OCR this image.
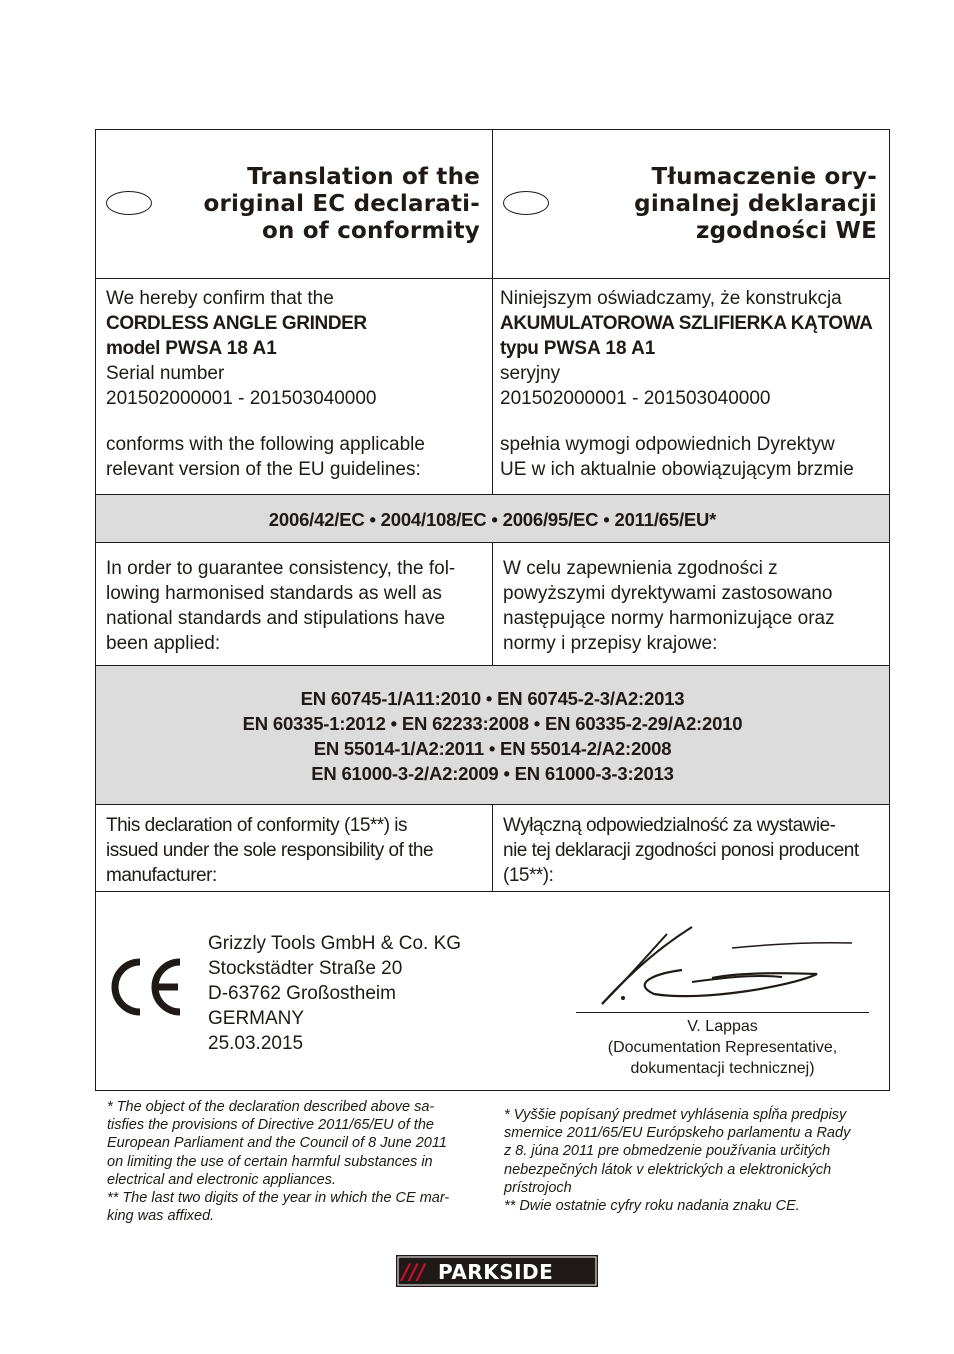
Translation of the
original EC declarati-
on of conformity
Tłumaczenie ory-
ginalnej deklaracji
zgodności WE
We hereby confirm that the
CORDLESS ANGLE GRINDER
model PWSA 18 A1
Serial number
201502000001 - 201503040000
conforms with the following applicable
relevant version of the EU guidelines:
Niniejszym oświadczamy, że konstrukcja
AKUMULATOROWA SZLIFIERKA KĄTOWA
typu PWSA 18 A1
seryjny
201502000001 - 201503040000
spełnia wymogi odpowiednich Dyrektyw
UE w ich aktualnie obowiązującym brzmie
2006/42/EC • 2004/108/EC • 2006/95/EC • 2011/65/EU*
In order to guarantee consistency, the fol-
lowing harmonised standards as well as
national standards and stipulations have
been applied:
W celu zapewnienia zgodności z
powyższymi dyrektywami zastosowano
następujące normy harmonizujące oraz
normy i przepisy krajowe:
EN 60745-1/A11:2010 • EN 60745-2-3/A2:2013
EN 60335-1:2012 • EN 62233:2008 • EN 60335-2-29/A2:2010
EN 55014-1/A2:2011 • EN 55014-2/A2:2008
EN 61000-3-2/A2:2009 • EN 61000-3-3:2013
This declaration of conformity (15**) is
issued under the sole responsibility of the
manufacturer:
Wyłączną odpowiedzialność za wystawie-
nie tej deklaracji zgodności ponosi producent
(15**):
Grizzly Tools GmbH & Co. KG
Stockstädter Straße 20
D-63762 Großostheim
GERMANY
25.03.2015
V. Lappas
(Documentation Representative,
dokumentacji technicznej)
* The object of the declaration described above sa-
tisfies the provisions of Directive 2011/65/EU of the
European Parliament and the Council of 8 June 2011
on limiting the use of certain harmful substances in
electrical and electronic appliances.
** The last two digits of the year in which the CE mar-
king was affixed.
* Vyššie popísaný predmet vyhlásenia spĺňa predpisy
smernice 2011/65/EU Európskeho parlamentu a Rady
z 8. júna 2011 pre obmedzenie používania určitých
nebezpečných látok v elektrických a elektronických
prístrojoch
** Dwie ostatnie cyfry roku nadania znaku CE.
/// PARKSIDE
